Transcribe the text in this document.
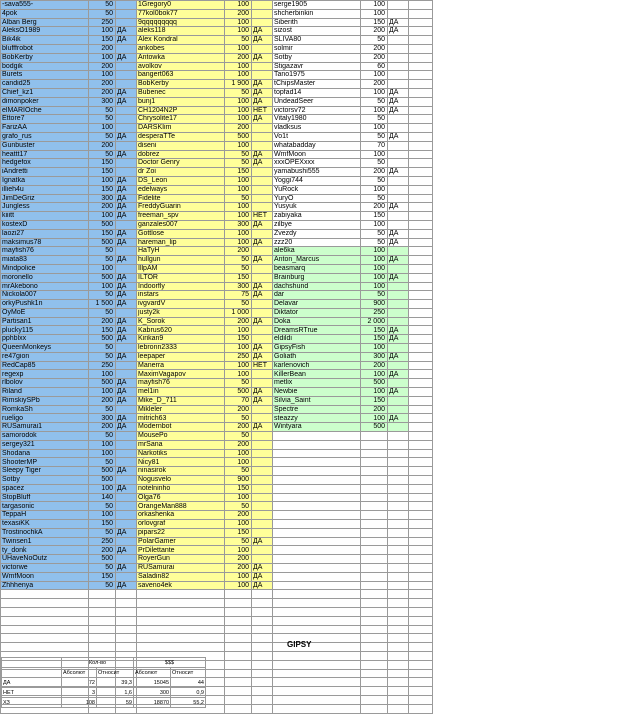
-sava555-	50		1Gregory0	100		serge1905	100		
4pok	50		77kol0bok77	200		shcherbinkin	100		
Alban Berg	250		9qqqqqqqqq	100		Siberith	150	ДА	
AleksO1989	100	ДА	aleks118	100	ДА	sizost	200	ДА	
Bik4ik	150	ДА	Alex Kondral	50	ДА	SLIVA80	50		
blufffrobot	200		ankobes	100		solmir	200		
BobKerby	100	ДА	Antowka	200	ДА	Sotby	200		
bodgik	200		avolkov	100		Stigazavr	60		
Burets	100		bangert063	100		Tano1975	100		
candid25	200		BobKerby	1 900	ДА	tChipsMaster	200		
Chief_kz1	200	ДА	Bubenec	50	ДА	topfad14	100	ДА	
dimonpoker	300	ДА	bunj1	100	ДА	UndeadSeer	50	ДА	
elMARIOche	50		CH1204N2P	100	НЕТ	victorsv72	100	ДА	
Ettore7	50		Chrysolite17	100	ДА	Vitaly1980	50		
FarizAA	100		DARSKIim	200		vladksus	100		
grafo_rus	50	ДА	desperaTTe	500		Vo1t	50	ДА	
Gunbuster	200		diseni	100		whatabadday	70		
heattt17	50	ДА	dobrez	50	ДА	WmfMoon	100		
hedgefox	150		Doctor Genry	50	ДА	xxxOPEXxxx	50		
iAndretti	150		dr Zoi	150		yamabushi555	200	ДА	
Ignatka	100	ДА	DS_Leon	100		Yoggi744	50		
illieh4u	150	ДА	edelways	100		YuRock	100		
JimDeGriz	300	ДА	Fidelite	50		YuryO	50		
Jungless	200	ДА	FreddyGuarin	100		Yusyuk	200	ДА	
kiiitt	100	ДА	freeman_spv	100	НЕТ	zabiyaka	150		
kostexD	500		ganzales007	300	ДА	zilbye	100		
laozi27	150	ДА	Gottlose	100		Zvezdy	50	ДА	
maksimus78	500	ДА	hareman_lip	100	ДА	zzz20	50	ДА	
mayfish76	50		HaTyH	200		ale6ka	100		
miata83	50	ДА	hullgun	50	ДА	Anton_Marcus	100	ДА	
Mindpolice	100		IllpAM	50		beasmarq	100		
moronello	500	ДА	ILTOR	150		Brainburg	100	ДА	
mrAkebono	100	ДА	Indoorfly	300	ДА	dachshund	100		
Nickola007	50	ДА	instars	75	ДА	dar	50		
orkyPushk1n	1 500	ДА	ivgvardV	50		Delavar	900		
OyMoE	50		justy2k	1 000		Diktator	250		
Partisan1	200	ДА	K_Sorok	200	ДА	Doka	2 000		
plucky115	150	ДА	Kabrus620	100		DreamsRTrue	150	ДА	
pphblxx	500	ДА	Kirikan9	150		eldildi	150	ДА	
QueenMonkeys	50		lebronn2333	100	ДА	GipsyFish	100		
re47gion	50	ДА	leepaper	250	ДА	Goliath	300	ДА	
RedCap85	250		Manerra	100	НЕТ	karlenovich	200		
regexp	100		MaximVagapov	100		KillerBean	100	ДА	
rlbolov	500	ДА	mayfish76	50		metlix	500		
Riland	100	ДА	mel1in	500	ДА	Newbie	100	ДА	
RimskiySPb	200	ДА	Mike_D_711	70	ДА	Silvia_Saint	150		
RomkaSh	50		Mikleler	200		Spectre	200		
rueligo	300	ДА	mitrich63	50		steazzy	100	ДА	
RUSamurai1	200	ДА	Modernbot	200	ДА	Wintyara	500		
samorodok	50		MousePo	50					
sergey321	100		mrSana	200					
Shodana	100		Narkotiks	100					
ShooterMP	50		Nicy81	100					
Sleepy Tiger	500	ДА	ninasirok	50					
Sotby	500		Nogusvelo	900					
spacez	100	ДА	notelninho	150					
StopBluff	140		Olga76	100					
targasonic	50		OrangeMan888	50					
TeppaH	100		orkashenka	200					
texasiKK	150		orlovgraf	100					
TrostinochkA	50	ДА	pipars22	150					
Twinsen1	250		PolarGamer	50	ДА				
ty_donk	200	ДА	PrDilettante	100					
UHaveNoOutz	500		RoyerGun	200					
victorwe	50	ДА	RUSamurai	200	ДА				
WmfMoon	150		Saladin82	100	ДА				
Zhhhenya	50	ДА	saveno4ek	100	ДА				

GIPSY
	Кол-во		$$$	
	Абсолют	Относит	Абсолют	Относит
ДА	72	39,3	15045	44
НЕТ	3	1,6	300	0,9
ХЗ	108	59	18870	55,2
